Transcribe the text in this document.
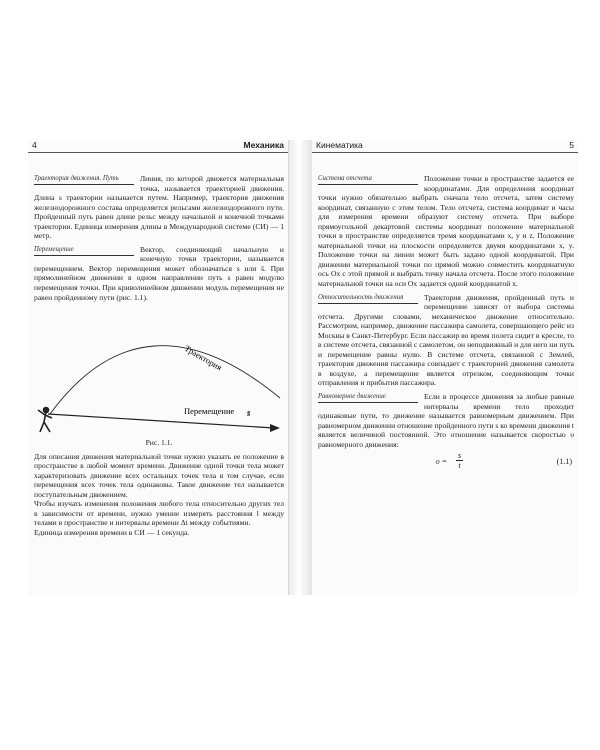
4	Механика
Траектория движения. Путь	Линия, по которой движется материальная точка, называется траекторией движения. Длина s траектории называется путем. Например, траектория движения железнодорожного состава определяется рельсами железнодорожного пути. Пройденный путь равен длине рельс между начальной и конечной точками траектории. Единица измерения длины в Международной системе (СИ) — 1 метр.

Перемещение	Вектор, соединяющий начальную и конечную точки траектории, называется перемещением. Вектор перемещения может обозначаться s или s̄. При прямолинейном движении в одном направлении путь s равен модулю перемещения точки. При криволинейном движении модуль перемещения не равен пройденному пути (рис. 1.1).

Траектория
Перемещение s̄
Рис. 1.1.

Для описания движения материальной точки нужно указать ее положение в пространстве в любой момент времени. Движение одной точки тела может характеризовать движение всех остальных точек тела в том случае, если перемещения всех точек тела одинаковы. Такое движение тел называется поступательным движением.

Чтобы изучать изменения положения любого тела относительно других тел в зависимости от времени, нужно умение измерять расстояния l между телами в пространстве и интервалы времени Δt между событиями.

Единица измерения времени в СИ — 1 секунда.

Кинематика	5
Система отсчета	Положение точки в пространстве задается ее координатами. Для определения координат точки нужно обязательно выбрать сначала тело отсчета, затем систему координат, связанную с этим телом. Тело отсчета, система координат и часы для измерения времени образуют систему отсчета. При выборе прямоугольной декартовой системы координат положение материальной точки в пространстве определяется тремя координатами x, y и z. Положение материальной точки на плоскости определяется двумя координатами x, y. Положение точки на линии может быть задано одной координатой. При движении материальной точки по прямой можно совместить координатную ось Ox с этой прямой и выбрать точку начала отсчета. После этого положение материальной точки на оси Ox задается одной координатой x.

Относительность движения	Траектория движения, пройденный путь и перемещение зависят от выбора системы отсчета. Другими словами, механическое движение относительно. Рассмотрим, например, движение пассажира самолета, совершающего рейс из Москвы в Санкт-Петербург. Если пассажир во время полета сидит в кресле, то в системе отсчета, связанной с самолетом, он неподвижный и для него ни путь и перемещение равны нулю. В системе отсчета, связанной с Землей, траектория движения пассажира совпадает с траекторией движения самолета в воздухе, а перемещение является отрезком, соединяющим точки отправления и прибытия пассажира.

Равномерное движение	Если в процессе движения за любые равные интервалы времени тело проходит одинаковые пути, то движение называется равномерным движением. При равномерном движении отношение пройденного пути s ко времени движения t является величиной постоянной. Это отношение называется скоростью υ равномерного движения:

$\upsilon = \frac{s}{t}$	(1.1)
